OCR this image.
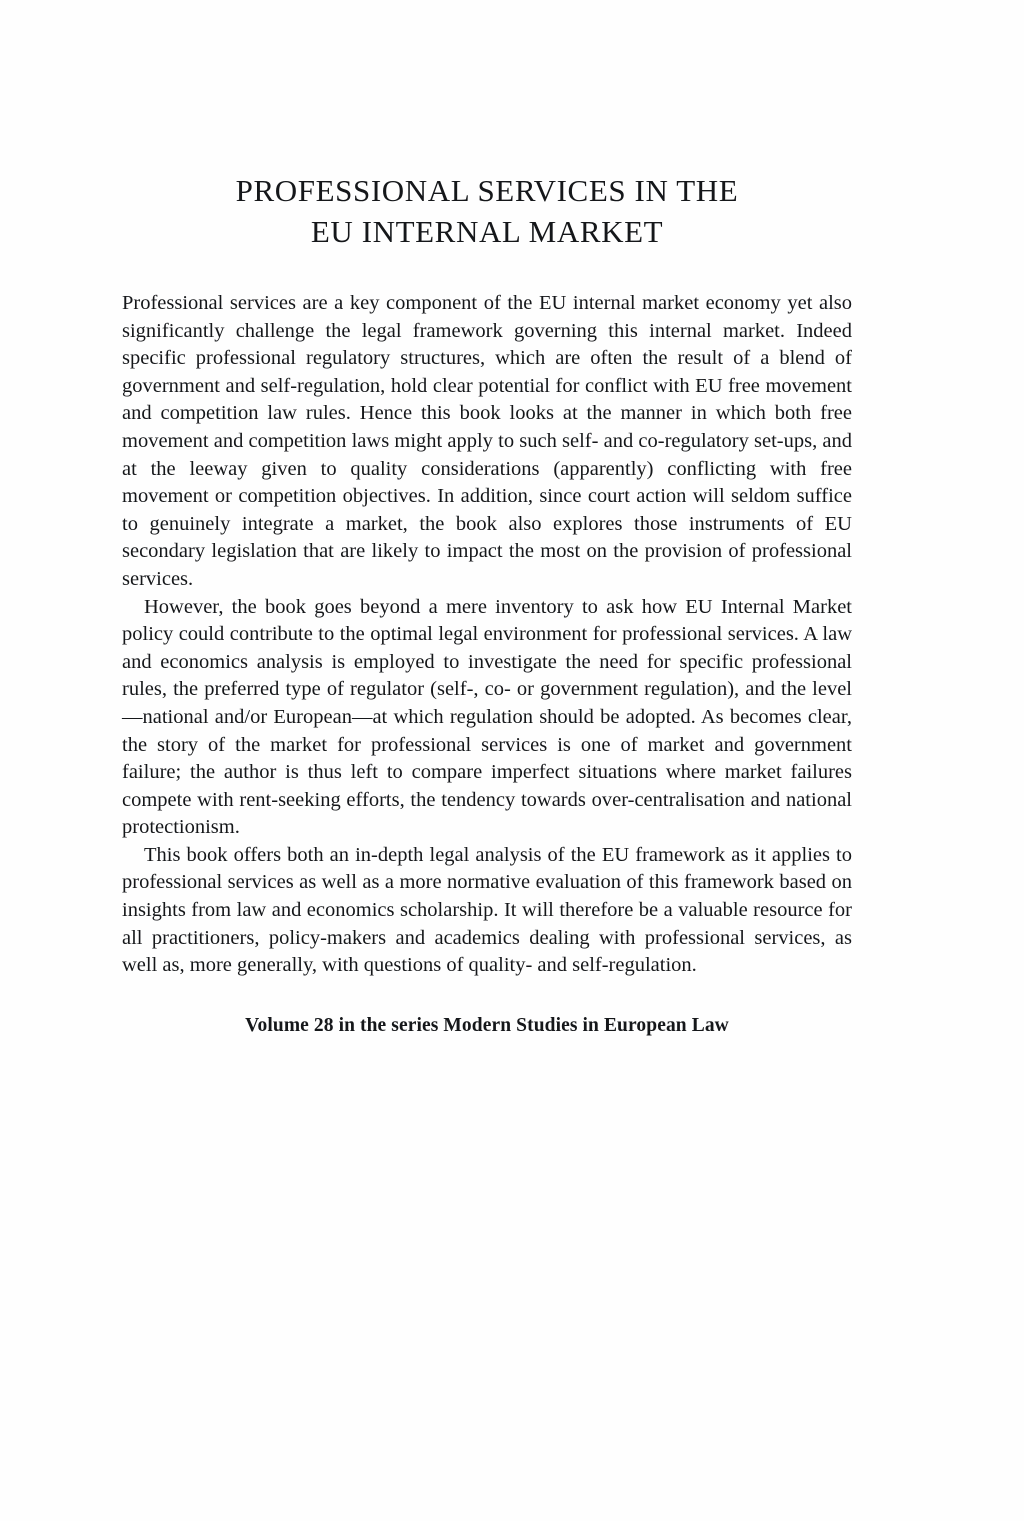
PROFESSIONAL SERVICES IN THE
EU INTERNAL MARKET

Professional services are a key component of the EU internal market economy yet also significantly challenge the legal framework governing this internal market. Indeed specific professional regulatory structures, which are often the result of a blend of government and self-regulation, hold clear potential for conflict with EU free movement and competition law rules. Hence this book looks at the manner in which both free movement and competition laws might apply to such self- and co-regulatory set-ups, and at the leeway given to quality considerations (apparently) conflicting with free movement or competition objectives. In addition, since court action will seldom suffice to genuinely integrate a market, the book also explores those instruments of EU secondary legislation that are likely to impact the most on the provision of professional services.

However, the book goes beyond a mere inventory to ask how EU Internal Market policy could contribute to the optimal legal environment for professional services. A law and economics analysis is employed to investigate the need for specific professional rules, the preferred type of regulator (self-, co- or government regulation), and the level—national and/or European—at which regulation should be adopted. As becomes clear, the story of the market for professional services is one of market and government failure; the author is thus left to compare imperfect situations where market failures compete with rent-seeking efforts, the tendency towards over-centralisation and national protectionism.

This book offers both an in-depth legal analysis of the EU framework as it applies to professional services as well as a more normative evaluation of this framework based on insights from law and economics scholarship. It will therefore be a valuable resource for all practitioners, policy-makers and academics dealing with professional services, as well as, more generally, with questions of quality- and self-regulation.

Volume 28 in the series Modern Studies in European Law
